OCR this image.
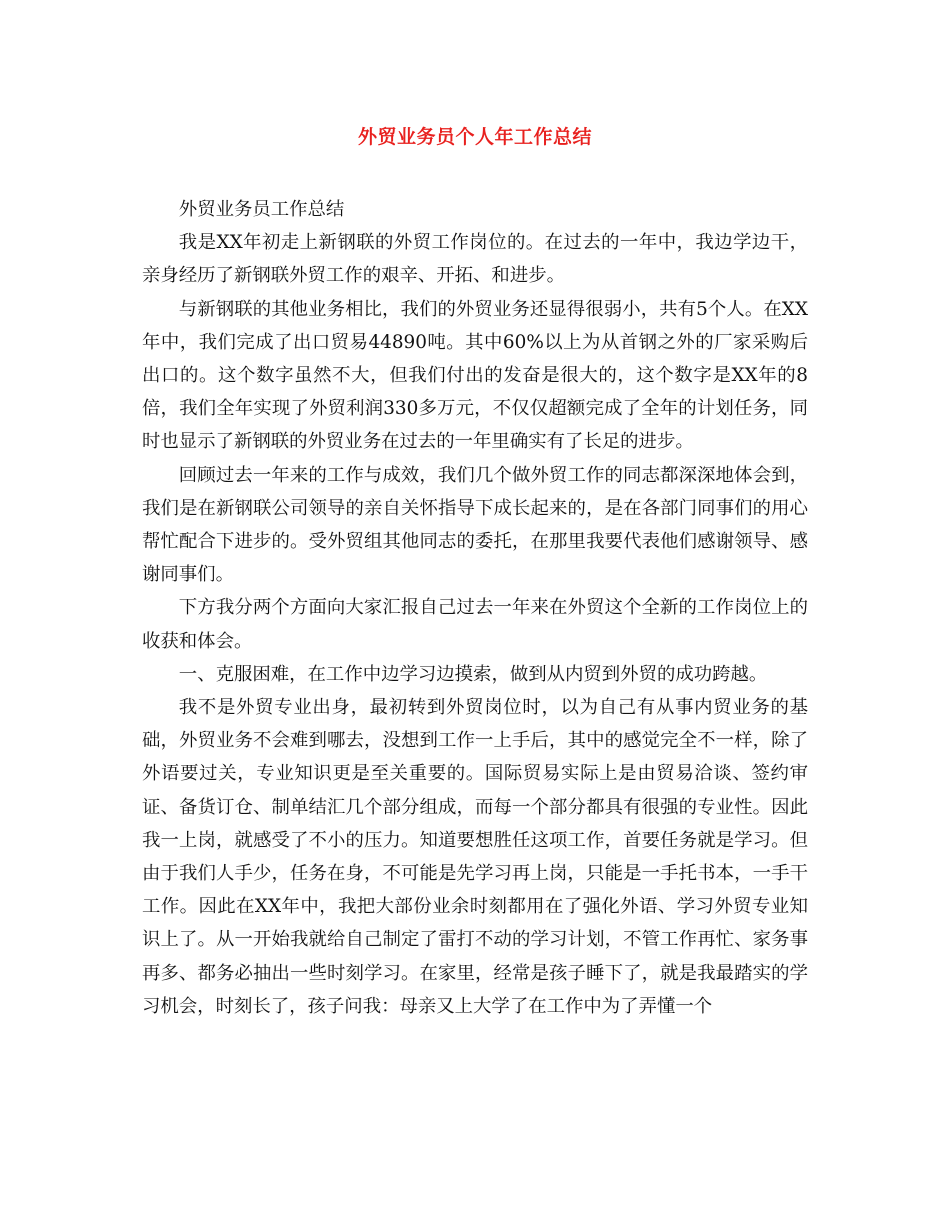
外贸业务员个人年工作总结

外贸业务员工作总结

我是XX年初走上新钢联的外贸工作岗位的。在过去的一年中，我边学边干，亲身经历了新钢联外贸工作的艰辛、开拓、和进步。

与新钢联的其他业务相比，我们的外贸业务还显得很弱小，共有5个人。在XX年中，我们完成了出口贸易44890吨。其中60%以上为从首钢之外的厂家采购后出口的。这个数字虽然不大，但我们付出的发奋是很大的，这个数字是XX年的8倍，我们全年实现了外贸利润330多万元，不仅仅超额完成了全年的计划任务，同时也显示了新钢联的外贸业务在过去的一年里确实有了长足的进步。

回顾过去一年来的工作与成效，我们几个做外贸工作的同志都深深地体会到，我们是在新钢联公司领导的亲自关怀指导下成长起来的，是在各部门同事们的用心帮忙配合下进步的。受外贸组其他同志的委托，在那里我要代表他们感谢领导、感谢同事们。

下方我分两个方面向大家汇报自己过去一年来在外贸这个全新的工作岗位上的收获和体会。

一、克服困难，在工作中边学习边摸索，做到从内贸到外贸的成功跨越。

我不是外贸专业出身，最初转到外贸岗位时，以为自己有从事内贸业务的基础，外贸业务不会难到哪去，没想到工作一上手后，其中的感觉完全不一样，除了外语要过关，专业知识更是至关重要的。国际贸易实际上是由贸易洽谈、签约审证、备货订仓、制单结汇几个部分组成，而每一个部分都具有很强的专业性。因此我一上岗，就感受了不小的压力。知道要想胜任这项工作，首要任务就是学习。但由于我们人手少，任务在身，不可能是先学习再上岗，只能是一手托书本，一手干工作。因此在XX年中，我把大部份业余时刻都用在了强化外语、学习外贸专业知识上了。从一开始我就给自己制定了雷打不动的学习计划，不管工作再忙、家务事再多、都务必抽出一些时刻学习。在家里，经常是孩子睡下了，就是我最踏实的学习机会，时刻长了，孩子问我：母亲又上大学了在工作中为了弄懂一个
